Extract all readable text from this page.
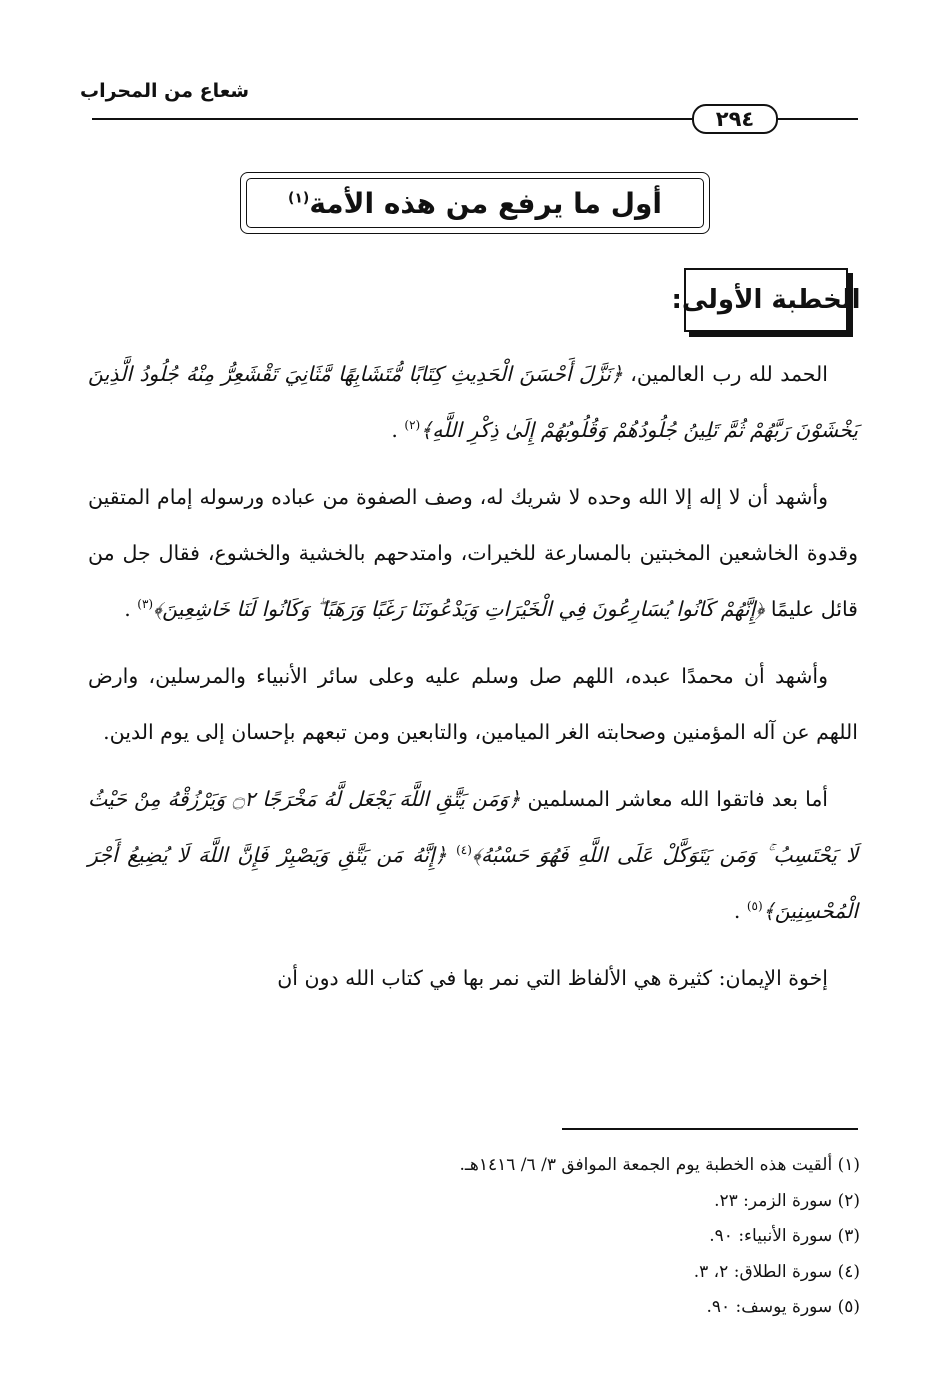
شعاع من المحراب
٢٩٤
أول ما يرفع من هذه الأمة$^{(١)}$
الخطبة الأولى:

الحمد لله رب العالمين، ﴿نَزَّلَ أَحْسَنَ الْحَدِيثِ كِتَابًا مُّتَشَابِهًا مَّثَانِيَ تَقْشَعِرُّ مِنْهُ جُلُودُ الَّذِينَ يَخْشَوْنَ رَبَّهُمْ ثُمَّ تَلِينُ جُلُودُهُمْ وَقُلُوبُهُمْ إِلَىٰ ذِكْرِ اللَّهِ﴾$^{(٢)}$ .

وأشهد أن لا إله إلا الله وحده لا شريك له، وصف الصفوة من عباده ورسوله إمام المتقين وقدوة الخاشعين المخبتين بالمسارعة للخيرات، وامتدحهم بالخشية والخشوع، فقال جل من قائل عليمًا ﴿إِنَّهُمْ كَانُوا يُسَارِعُونَ فِي الْخَيْرَاتِ وَيَدْعُونَنَا رَغَبًا وَرَهَبًا ۖ وَكَانُوا لَنَا خَاشِعِينَ﴾$^{(٣)}$ .

وأشهد أن محمدًا عبده، اللهم صل وسلم عليه وعلى سائر الأنبياء والمرسلين، وارض اللهم عن آله المؤمنين وصحابته الغر الميامين، والتابعين ومن تبعهم بإحسان إلى يوم الدين.

أما بعد فاتقوا الله معاشر المسلمين ﴿وَمَن يَتَّقِ اللَّهَ يَجْعَل لَّهُ مَخْرَجًا ۝٢ وَيَرْزُقْهُ مِنْ حَيْثُ لَا يَحْتَسِبُ ۚ وَمَن يَتَوَكَّلْ عَلَى اللَّهِ فَهُوَ حَسْبُهُ﴾$^{(٤)}$ ﴿إِنَّهُ مَن يَتَّقِ وَيَصْبِرْ فَإِنَّ اللَّهَ لَا يُضِيعُ أَجْرَ الْمُحْسِنِينَ﴾$^{(٥)}$ .

إخوة الإيمان: كثيرة هي الألفاظ التي نمر بها في كتاب الله دون أن

(١) ألقيت هذه الخطبة يوم الجمعة الموافق ٣/ ٦/ ١٤١٦هـ.
(٢) سورة الزمر: ٢٣.
(٣) سورة الأنبياء: ٩٠.
(٤) سورة الطلاق: ٢، ٣.
(٥) سورة يوسف: ٩٠.
